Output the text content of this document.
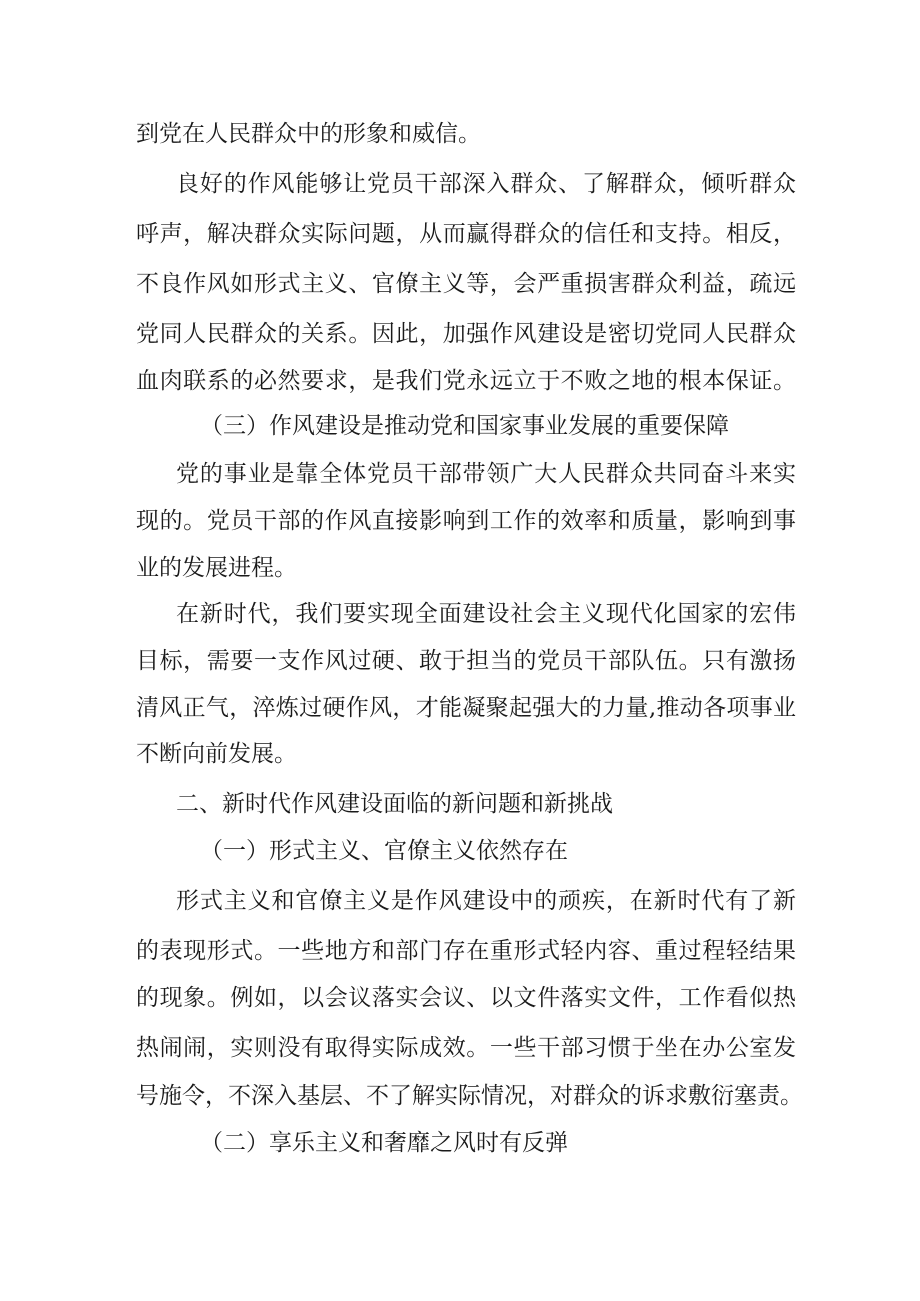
到党在人民群众中的形象和威信。

良好的作风能够让党员干部深入群众、了解群众，倾听群众

呼声，解决群众实际问题，从而赢得群众的信任和支持。相反，

不良作风如形式主义、官僚主义等，会严重损害群众利益，疏远

党同人民群众的关系。因此，加强作风建设是密切党同人民群众

血肉联系的必然要求，是我们党永远立于不败之地的根本保证。

（三）作风建设是推动党和国家事业发展的重要保障

党的事业是靠全体党员干部带领广大人民群众共同奋斗来实

现的。党员干部的作风直接影响到工作的效率和质量，影响到事

业的发展进程。

在新时代，我们要实现全面建设社会主义现代化国家的宏伟

目标，需要一支作风过硬、敢于担当的党员干部队伍。只有激扬

清风正气，淬炼过硬作风，才能凝聚起强大的力量,推动各项事业

不断向前发展。

二、新时代作风建设面临的新问题和新挑战

（一）形式主义、官僚主义依然存在

形式主义和官僚主义是作风建设中的顽疾，在新时代有了新

的表现形式。一些地方和部门存在重形式轻内容、重过程轻结果

的现象。例如，以会议落实会议、以文件落实文件，工作看似热

热闹闹，实则没有取得实际成效。一些干部习惯于坐在办公室发

号施令，不深入基层、不了解实际情况，对群众的诉求敷衍塞责。

（二）享乐主义和奢靡之风时有反弹
